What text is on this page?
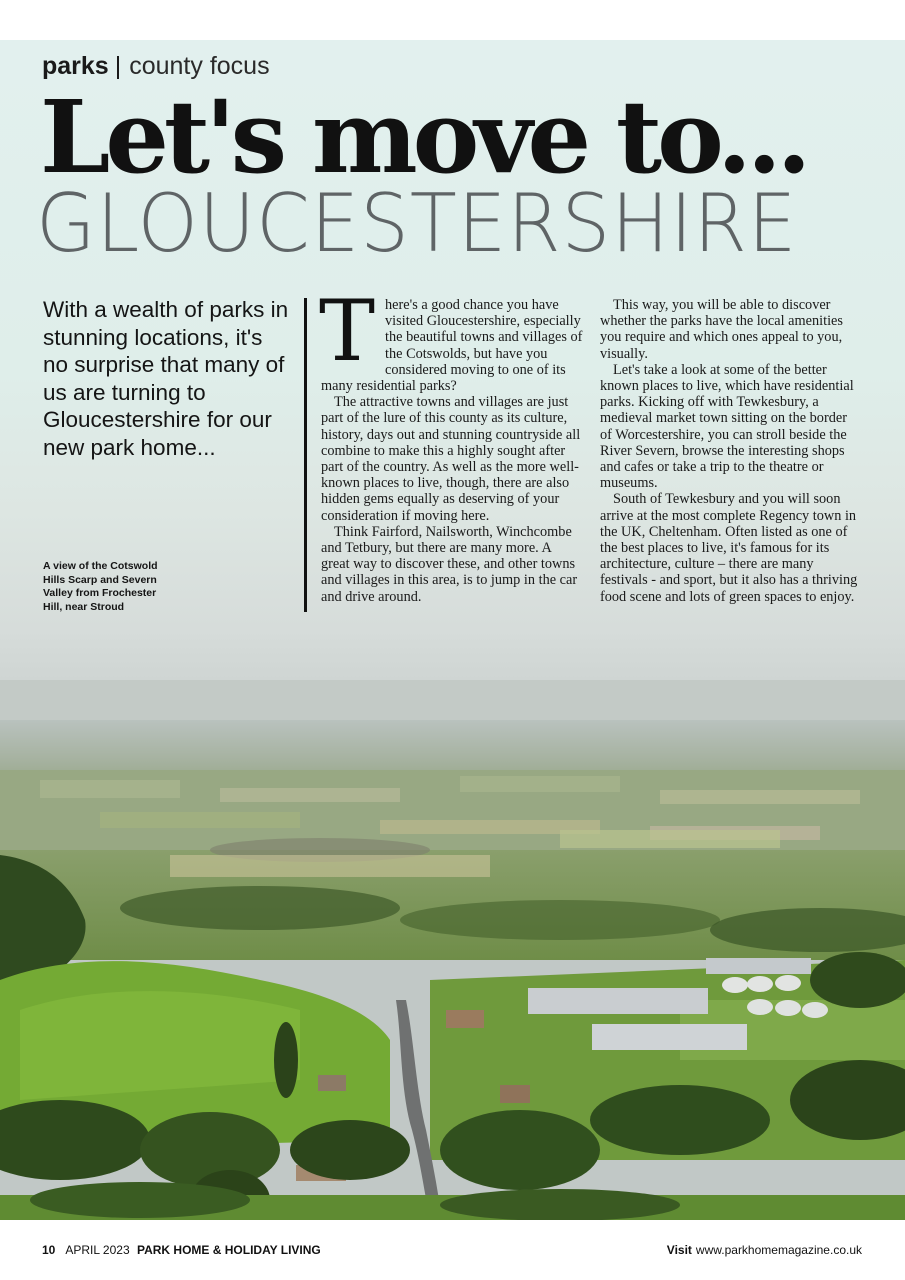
parks | county focus
Let's move to...
GLOUCESTERSHIRE
With a wealth of parks in stunning locations, it's no surprise that many of us are turning to Gloucestershire for our new park home...
A view of the Cotswold Hills Scarp and Severn Valley from Frochester Hill, near Stroud

There's a good chance you have visited Gloucestershire, especially the beautiful towns and villages of the Cotswolds, but have you considered moving to one of its many residential parks?

The attractive towns and villages are just part of the lure of this county as its culture, history, days out and stunning countryside all combine to make this a highly sought after part of the country. As well as the more well-known places to live, though, there are also hidden gems equally as deserving of your consideration if moving here.

Think Fairford, Nailsworth, Winchcombe and Tetbury, but there are many more. A great way to discover these, and other towns and villages in this area, is to jump in the car and drive around.

This way, you will be able to discover whether the parks have the local amenities you require and which ones appeal to you, visually.

Let's take a look at some of the better known places to live, which have residential parks. Kicking off with Tewkesbury, a medieval market town sitting on the border of Worcestershire, you can stroll beside the River Severn, browse the interesting shops and cafes or take a trip to the theatre or museums.

South of Tewkesbury and you will soon arrive at the most complete Regency town in the UK, Cheltenham. Often listed as one of the best places to live, it's famous for its architecture, culture – there are many festivals - and sport, but it also has a thriving food scene and lots of green spaces to enjoy.

10 APRIL 2023 PARK HOME & HOLIDAY LIVING	Visit www.parkhomemagazine.co.uk
